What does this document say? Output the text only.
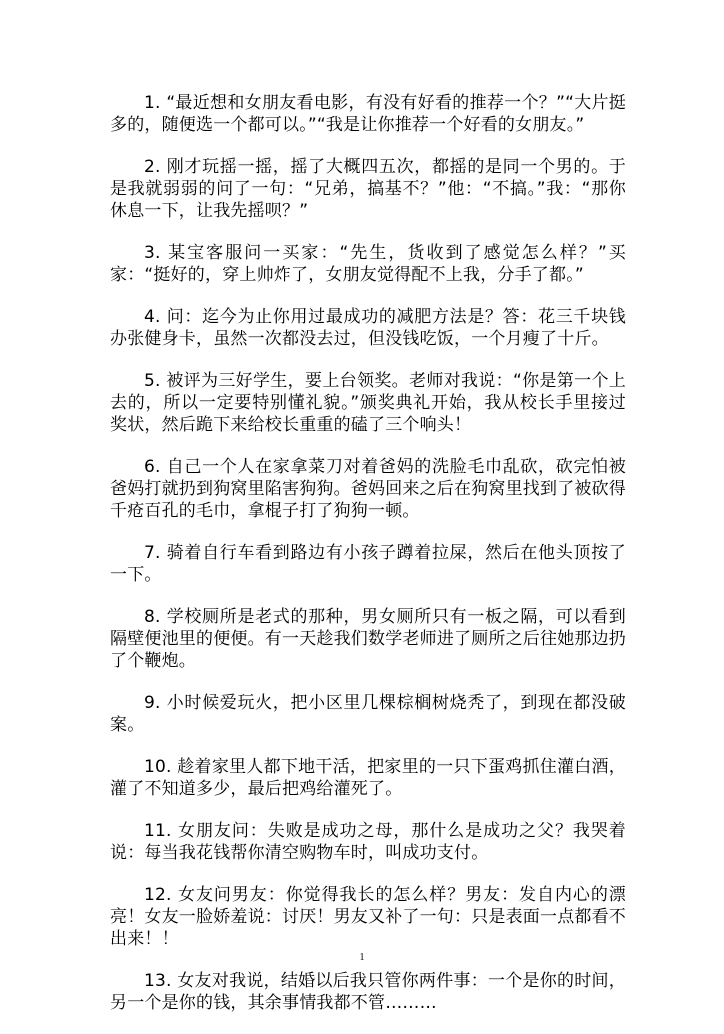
1. “最近想和女朋友看电影，有没有好看的推荐一个？”“大片挺多的，随便选一个都可以。”“我是让你推荐一个好看的女朋友。”

2. 刚才玩摇一摇，摇了大概四五次，都摇的是同一个男的。于是我就弱弱的问了一句：“兄弟，搞基不？”他：“不搞。”我：“那你休息一下，让我先摇呗？”

3. 某宝客服问一买家：“先生，货收到了感觉怎么样？”买家：“挺好的，穿上帅炸了，女朋友觉得配不上我，分手了都。”

4. 问：迄今为止你用过最成功的减肥方法是？答：花三千块钱办张健身卡，虽然一次都没去过，但没钱吃饭，一个月瘦了十斤。

5. 被评为三好学生，要上台领奖。老师对我说：“你是第一个上去的，所以一定要特别懂礼貌。”颁奖典礼开始，我从校长手里接过奖状，然后跪下来给校长重重的磕了三个响头！

6. 自己一个人在家拿菜刀对着爸妈的洗脸毛巾乱砍，砍完怕被爸妈打就扔到狗窝里陷害狗狗。爸妈回来之后在狗窝里找到了被砍得千疮百孔的毛巾，拿棍子打了狗狗一顿。

7. 骑着自行车看到路边有小孩子蹲着拉屎，然后在他头顶按了一下。

8. 学校厕所是老式的那种，男女厕所只有一板之隔，可以看到隔壁便池里的便便。有一天趁我们数学老师进了厕所之后往她那边扔了个鞭炮。

9. 小时候爱玩火，把小区里几棵棕榈树烧秃了，到现在都没破案。

10. 趁着家里人都下地干活，把家里的一只下蛋鸡抓住灌白酒，灌了不知道多少，最后把鸡给灌死了。

11. 女朋友问：失败是成功之母，那什么是成功之父？我哭着说：每当我花钱帮你清空购物车时，叫成功支付。

12. 女友问男友：你觉得我长的怎么样？男友：发自内心的漂亮！女友一脸娇羞说：讨厌！男友又补了一句：只是表面一点都看不出来！！

13. 女友对我说，结婚以后我只管你两件事：一个是你的时间，另一个是你的钱，其余事情我都不管………

1
